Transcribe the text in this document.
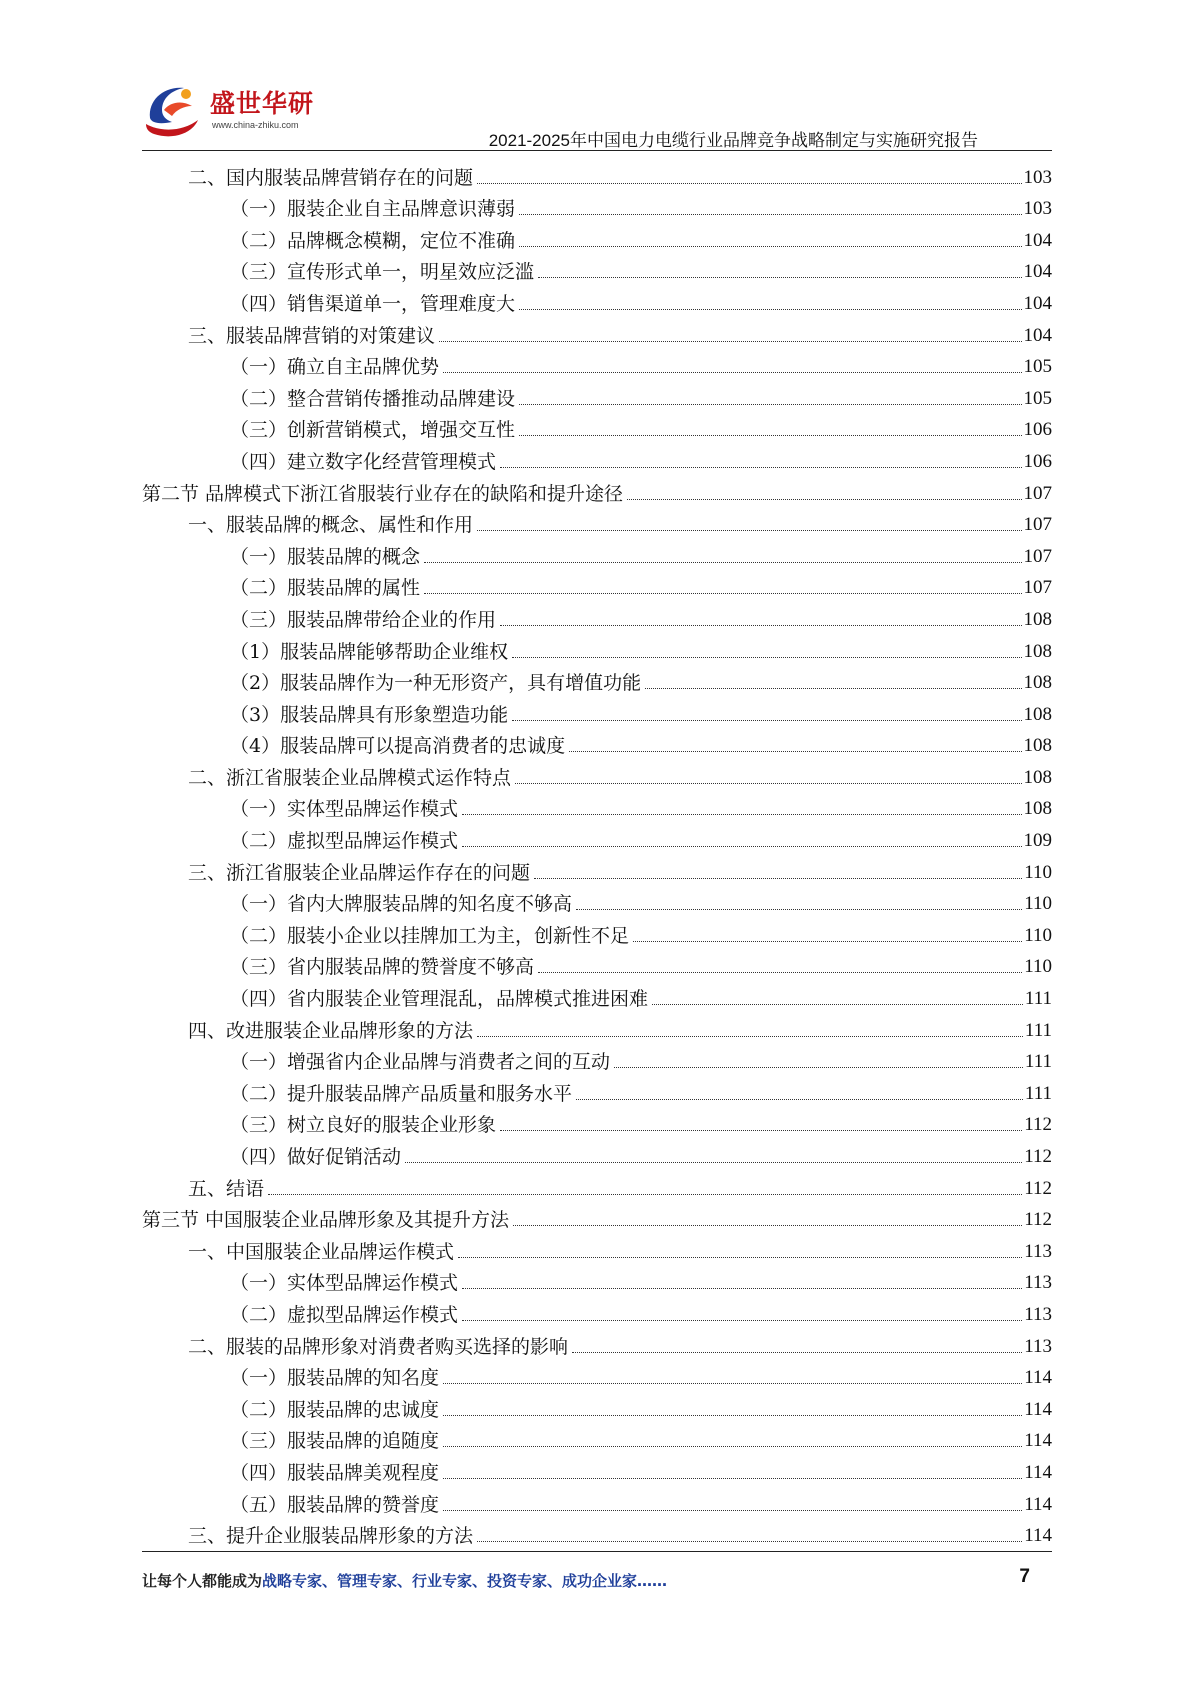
盛世华研
www.china-zhiku.com
2021-2025年中国电力电缆行业品牌竞争战略制定与实施研究报告
二、国内服装品牌营销存在的问题	103
（一）服装企业自主品牌意识薄弱	103
（二）品牌概念模糊，定位不准确	104
（三）宣传形式单一，明星效应泛滥	104
（四）销售渠道单一，管理难度大	104
三、服装品牌营销的对策建议	104
（一）确立自主品牌优势	105
（二）整合营销传播推动品牌建设	105
（三）创新营销模式，增强交互性	106
（四）建立数字化经营管理模式	106
第二节 品牌模式下浙江省服装行业存在的缺陷和提升途径	107
一、服装品牌的概念、属性和作用	107
（一）服装品牌的概念	107
（二）服装品牌的属性	107
（三）服装品牌带给企业的作用	108
（1）服装品牌能够帮助企业维权	108
（2）服装品牌作为一种无形资产，具有增值功能	108
（3）服装品牌具有形象塑造功能	108
（4）服装品牌可以提高消费者的忠诚度	108
二、浙江省服装企业品牌模式运作特点	108
（一）实体型品牌运作模式	108
（二）虚拟型品牌运作模式	109
三、浙江省服装企业品牌运作存在的问题	110
（一）省内大牌服装品牌的知名度不够高	110
（二）服装小企业以挂牌加工为主，创新性不足	110
（三）省内服装品牌的赞誉度不够高	110
（四）省内服装企业管理混乱，品牌模式推进困难	111
四、改进服装企业品牌形象的方法	111
（一）增强省内企业品牌与消费者之间的互动	111
（二）提升服装品牌产品质量和服务水平	111
（三）树立良好的服装企业形象	112
（四）做好促销活动	112
五、结语	112
第三节 中国服装企业品牌形象及其提升方法	112
一、中国服装企业品牌运作模式	113
（一）实体型品牌运作模式	113
（二）虚拟型品牌运作模式	113
二、服装的品牌形象对消费者购买选择的影响	113
（一）服装品牌的知名度	114
（二）服装品牌的忠诚度	114
（三）服装品牌的追随度	114
（四）服装品牌美观程度	114
（五）服装品牌的赞誉度	114
三、提升企业服装品牌形象的方法	114
让每个人都能成为战略专家、管理专家、行业专家、投资专家、成功企业家……	7
